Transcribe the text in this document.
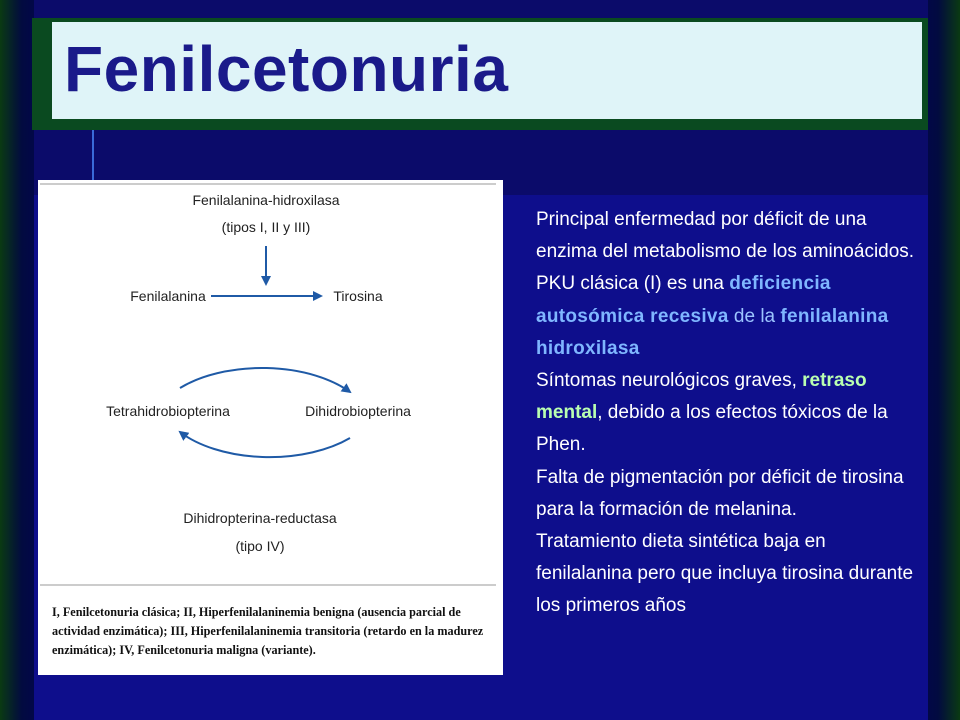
Fenilcetonuria
Fenilalanina-hidroxilasa
(tipos I, II y III)
Fenilalanina	Tirosina
Tetrahidrobiopterina	Dihidrobiopterina
Dihidropterina-reductasa
(tipo IV)
I, Fenilcetonuria clásica; II, Hiperfenilalaninemia benigna (ausencia parcial de actividad enzimática); III, Hiperfenilalaninemia transitoria (retardo en la madurez enzimática); IV, Fenilcetonuria maligna (variante).

Principal enfermedad por déficit de una enzima del metabolismo de los aminoácidos.

PKU clásica (I) es una deficiencia autosómica recesiva de la fenilalanina hidroxilasa

Síntomas neurológicos graves, retraso mental, debido a los efectos tóxicos de la Phen.

Falta de pigmentación por déficit de tirosina para la formación de melanina.

Tratamiento dieta sintética baja en fenilalanina pero que incluya tirosina durante los primeros años
